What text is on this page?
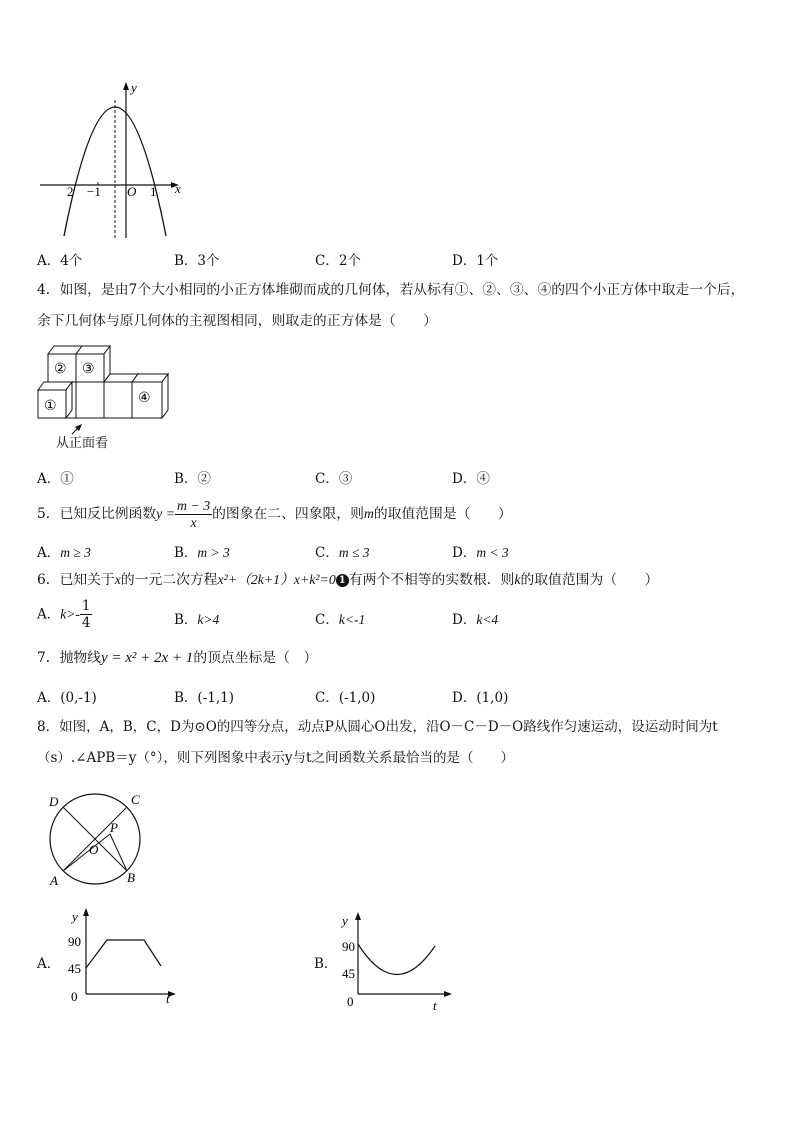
y
x
O
2 −1	1
A．4个	B．3个	C．2个	D．1个
4．如图，是由7个大小相同的小正方体堆砌而成的几何体，若从标有①、②、③、④的四个小正方体中取走一个后，
余下几何体与原几何体的主视图相同，则取走的正方体是（　　）
①
② ③
④
从正面看
A．①	B．②	C．③	D．④
5．已知反比例函数$y = \frac{m - 3}{x}$ 的图象在二、四象限，则m的取值范围是（　　）
A．m ≥ 3	B．m > 3	C．m ≤ 3	D．m < 3
6．已知关于x的一元二次方程x²+（2k+1）x+k²=0 1 有两个不相等的实数根．则k的取值范围为（　　）
A．$k>- \frac{1}{4}$	B．k>4	C．k<-1	D．k<4
7．抛物线y = x² + 2x + 1的顶点坐标是（　）
A．(0,-1)	B．(-1,1)	C．(-1,0)	D．(1,0)
8．如图，A，B，C，D为⊙O的四等分点，动点P从圆心O出发，沿O－C－D－O路线作匀速运动，设运动时间为t
（s）.∠APB＝y（°），则下列图象中表示y与t之间函数关系最恰当的是（　　）
D	C
P
O
A	B
A．
y
90
45
0	t
B．
y
90
45
0	t
